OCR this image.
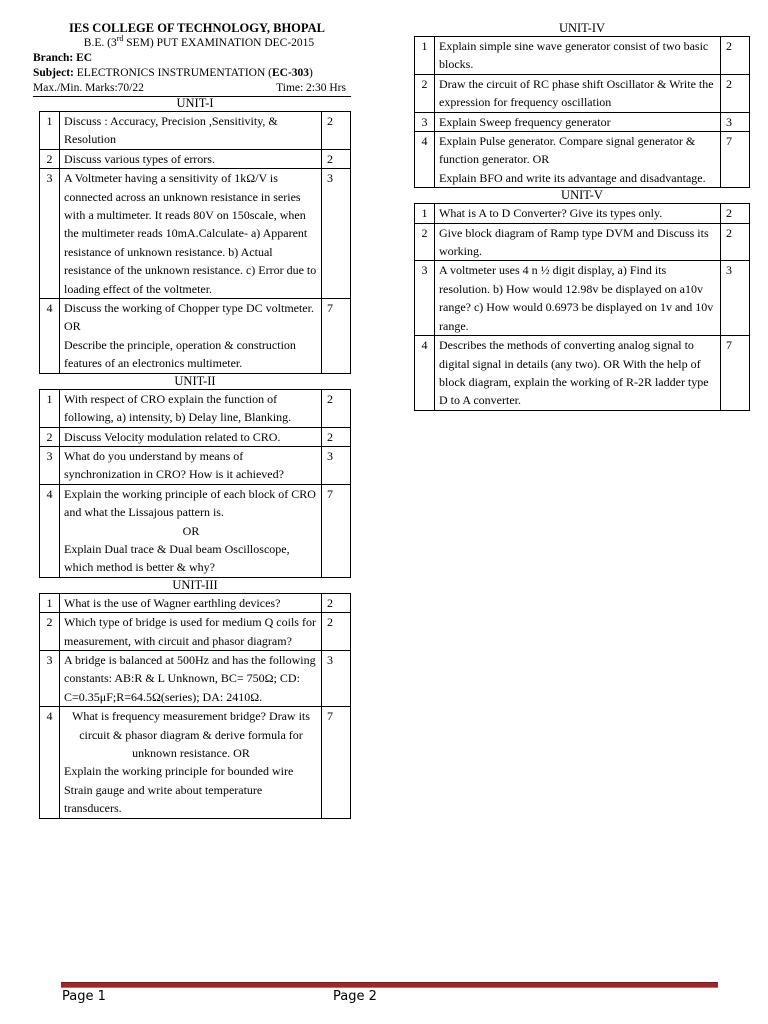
IES COLLEGE OF TECHNOLOGY, BHOPAL
B.E. (3rd SEM) PUT EXAMINATION DEC-2015
Branch: EC
Subject: ELECTRONICS INSTRUMENTATION (EC-303)
Max./Min. Marks:70/22	Time: 2:30 Hrs
UNIT-I
1	Discuss : Accuracy, Precision ,Sensitivity, & Resolution	2
2	Discuss various types of errors.	2
3	A Voltmeter having a sensitivity of 1kΩ/V is connected across an unknown resistance in series with a multimeter. It reads 80V on 150scale, when the multimeter reads 10mA.Calculate- a) Apparent resistance of unknown resistance. b) Actual resistance of the unknown resistance. c) Error due to loading effect of the voltmeter.	3
4	Discuss the working of Chopper type DC voltmeter. OR
Describe the principle, operation & construction features of an electronics multimeter.	7
UNIT-II
1	With respect of CRO explain the function of following, a) intensity, b) Delay line, Blanking.	2
2	Discuss Velocity modulation related to CRO.	2
3	What do you understand by means of synchronization in CRO? How is it achieved?	3
4	Explain the working principle of each block of CRO and what the Lissajous pattern is.
OR
Explain Dual trace & Dual beam Oscilloscope, which method is better & why?	7
UNIT-III
1	What is the use of Wagner earthling devices?	2
2	Which type of bridge is used for medium Q coils for measurement, with circuit and phasor diagram?	2
3	A bridge is balanced at 500Hz and has the following constants: AB:R & L Unknown, BC= 750Ω; CD: C=0.35μF;R=64.5Ω(series); DA: 2410Ω.	3
4	What is frequency measurement bridge? Draw its circuit & phasor diagram & derive formula for unknown resistance. OR
Explain the working principle for bounded wire Strain gauge and write about temperature transducers.	7
UNIT-IV
1	Explain simple sine wave generator consist of two basic blocks.	2
2	Draw the circuit of RC phase shift Oscillator & Write the expression for frequency oscillation	2
3	Explain Sweep frequency generator	3
4	Explain Pulse generator. Compare signal generator & function generator. OR
Explain BFO and write its advantage and disadvantage.	7
UNIT-V
1	What is A to D Converter? Give its types only.	2
2	Give block diagram of Ramp type DVM and Discuss its working.	2
3	A voltmeter uses 4 n ½ digit display, a) Find its resolution. b) How would 12.98v be displayed on a10v range? c) How would 0.6973 be displayed on 1v and 10v range.	3
4	Describes the methods of converting analog signal to digital signal in details (any two). OR With the help of block diagram, explain the working of R-2R ladder type D to A converter.	7
Page 1	Page 2
